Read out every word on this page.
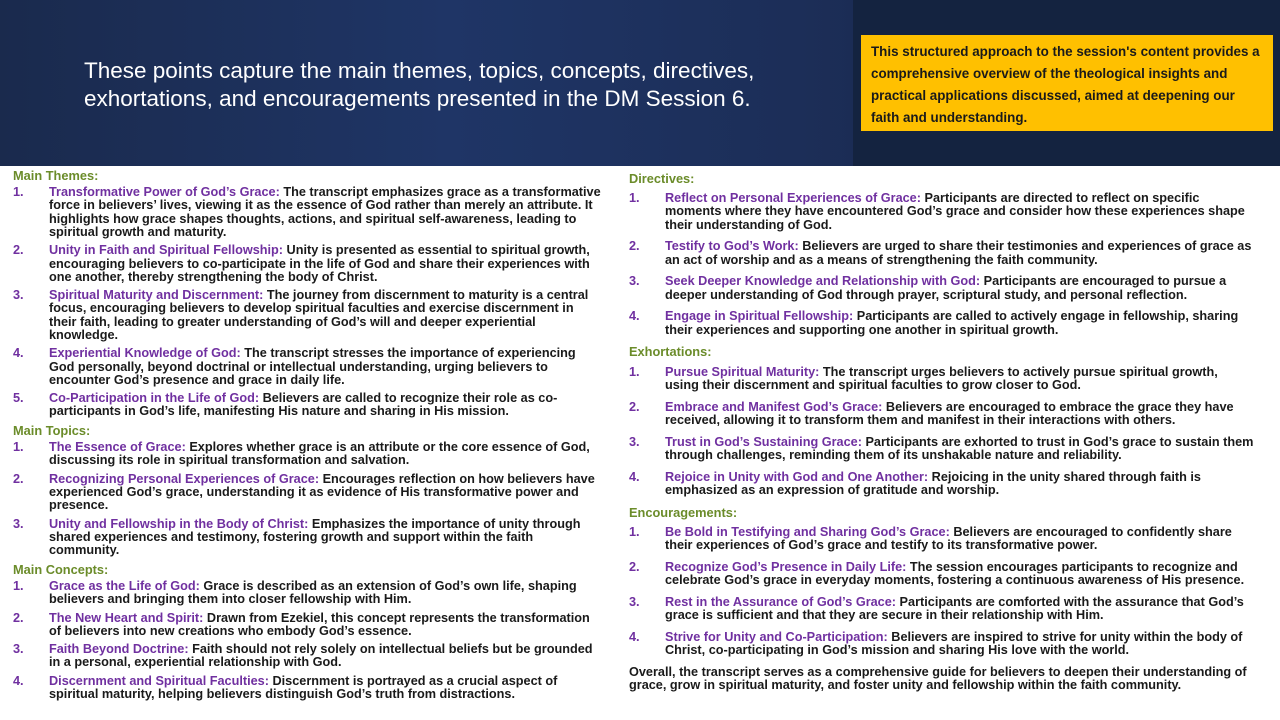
These points capture the main themes, topics, concepts, directives, exhortations, and encouragements presented in the DM Session 6.
This structured approach to the session's content provides a comprehensive overview of the theological insights and practical applications discussed, aimed at deepening our faith and understanding.
Main Themes:
1.	Transformative Power of God’s Grace: The transcript emphasizes grace as a transformative force in believers’ lives, viewing it as the essence of God rather than merely an attribute. It highlights how grace shapes thoughts, actions, and spiritual self-awareness, leading to spiritual growth and maturity.
2.	Unity in Faith and Spiritual Fellowship: Unity is presented as essential to spiritual growth, encouraging believers to co-participate in the life of God and share their experiences with one another, thereby strengthening the body of Christ.
3.	Spiritual Maturity and Discernment: The journey from discernment to maturity is a central focus, encouraging believers to develop spiritual faculties and exercise discernment in their faith, leading to greater understanding of God’s will and deeper experiential knowledge.
4.	Experiential Knowledge of God: The transcript stresses the importance of experiencing God personally, beyond doctrinal or intellectual understanding, urging believers to encounter God’s presence and grace in daily life.
5.	Co-Participation in the Life of God: Believers are called to recognize their role as co-participants in God’s life, manifesting His nature and sharing in His mission.
Main Topics:
1.	The Essence of Grace: Explores whether grace is an attribute or the core essence of God, discussing its role in spiritual transformation and salvation.
2.	Recognizing Personal Experiences of Grace: Encourages reflection on how believers have experienced God’s grace, understanding it as evidence of His transformative power and presence.
3.	Unity and Fellowship in the Body of Christ: Emphasizes the importance of unity through shared experiences and testimony, fostering growth and support within the faith community.
Main Concepts:
1.	Grace as the Life of God: Grace is described as an extension of God’s own life, shaping believers and bringing them into closer fellowship with Him.
2.	The New Heart and Spirit: Drawn from Ezekiel, this concept represents the transformation of believers into new creations who embody God’s essence.
3.	Faith Beyond Doctrine: Faith should not rely solely on intellectual beliefs but be grounded in a personal, experiential relationship with God.
4.	Discernment and Spiritual Faculties: Discernment is portrayed as a crucial aspect of spiritual maturity, helping believers distinguish God’s truth from distractions.
Directives:
1.	Reflect on Personal Experiences of Grace: Participants are directed to reflect on specific moments where they have encountered God’s grace and consider how these experiences shape their understanding of God.
2.	Testify to God’s Work: Believers are urged to share their testimonies and experiences of grace as an act of worship and as a means of strengthening the faith community.
3.	Seek Deeper Knowledge and Relationship with God: Participants are encouraged to pursue a deeper understanding of God through prayer, scriptural study, and personal reflection.
4.	Engage in Spiritual Fellowship: Participants are called to actively engage in fellowship, sharing their experiences and supporting one another in spiritual growth.
Exhortations:
1.	Pursue Spiritual Maturity: The transcript urges believers to actively pursue spiritual growth, using their discernment and spiritual faculties to grow closer to God.
2.	Embrace and Manifest God’s Grace: Believers are encouraged to embrace the grace they have received, allowing it to transform them and manifest in their interactions with others.
3.	Trust in God’s Sustaining Grace: Participants are exhorted to trust in God’s grace to sustain them through challenges, reminding them of its unshakable nature and reliability.
4.	Rejoice in Unity with God and One Another: Rejoicing in the unity shared through faith is emphasized as an expression of gratitude and worship.
Encouragements:
1.	Be Bold in Testifying and Sharing God’s Grace: Believers are encouraged to confidently share their experiences of God’s grace and testify to its transformative power.
2.	Recognize God’s Presence in Daily Life: The session encourages participants to recognize and celebrate God’s grace in everyday moments, fostering a continuous awareness of His presence.
3.	Rest in the Assurance of God’s Grace: Participants are comforted with the assurance that God’s grace is sufficient and that they are secure in their relationship with Him.
4.	Strive for Unity and Co-Participation: Believers are inspired to strive for unity within the body of Christ, co-participating in God’s mission and sharing His love with the world.
Overall, the transcript serves as a comprehensive guide for believers to deepen their understanding of grace, grow in spiritual maturity, and foster unity and fellowship within the faith community.
